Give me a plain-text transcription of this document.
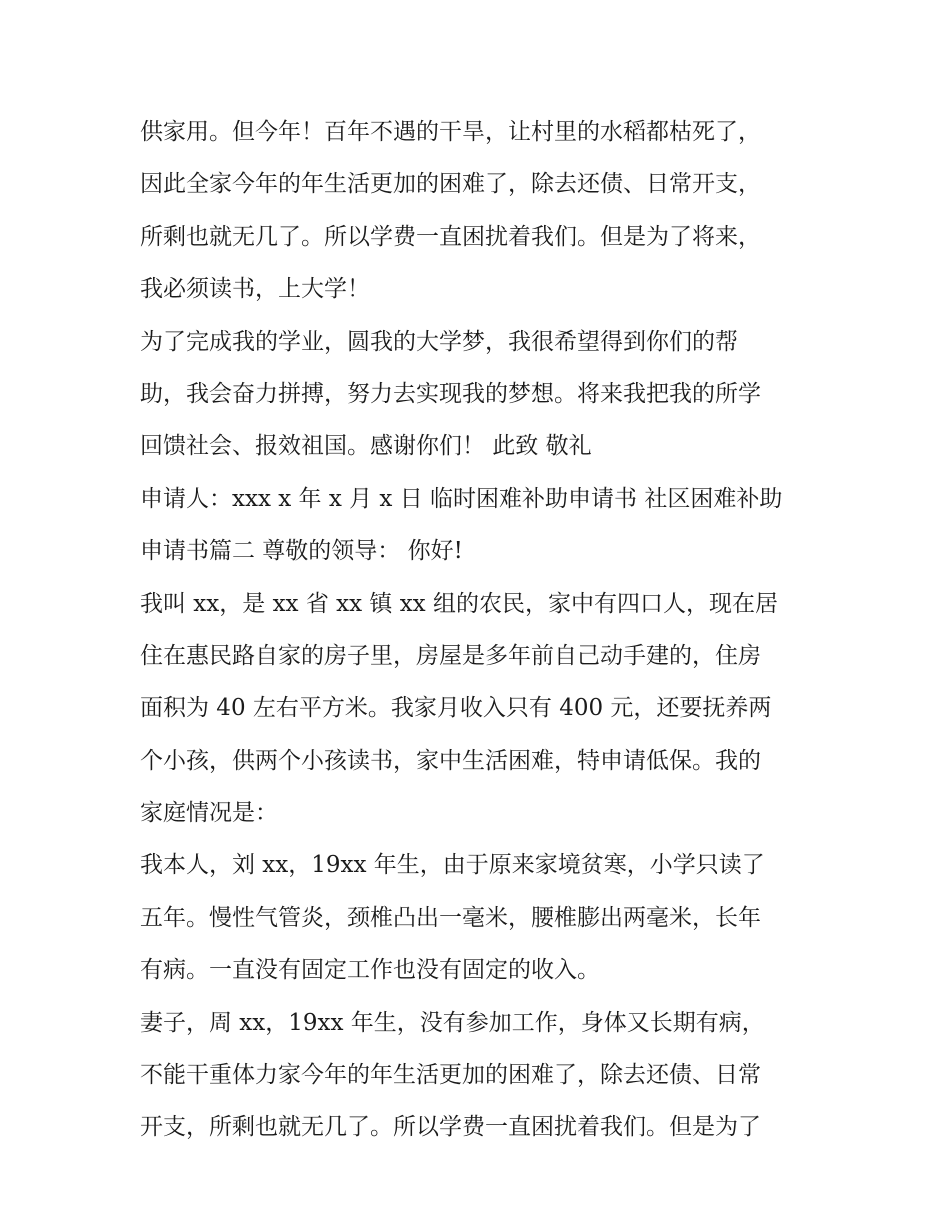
供家用。但今年！百年不遇的干旱，让村里的水稻都枯死了，
因此全家今年的年生活更加的困难了，除去还债、日常开支，
所剩也就无几了。所以学费一直困扰着我们。但是为了将来，
我必须读书，上大学！
为了完成我的学业，圆我的大学梦，我很希望得到你们的帮
助，我会奋力拼搏，努力去实现我的梦想。将来我把我的所学
回馈社会、报效祖国。感谢你们！ 此致 敬礼
申请人：xxx x 年 x 月 x 日 临时困难补助申请书 社区困难补助
申请书篇二 尊敬的领导： 你好!
我叫 xx，是 xx 省 xx 镇 xx 组的农民，家中有四口人，现在居
住在惠民路自家的房子里，房屋是多年前自己动手建的，住房
面积为 40 左右平方米。我家月收入只有 400 元，还要抚养两
个小孩，供两个小孩读书，家中生活困难，特申请低保。我的
家庭情况是：
我本人，刘 xx，19xx 年生，由于原来家境贫寒，小学只读了
五年。慢性气管炎，颈椎凸出一毫米，腰椎膨出两毫米，长年
有病。一直没有固定工作也没有固定的收入。
妻子，周 xx，19xx 年生，没有参加工作，身体又长期有病，
不能干重体力家今年的年生活更加的困难了，除去还债、日常
开支，所剩也就无几了。所以学费一直困扰着我们。但是为了
